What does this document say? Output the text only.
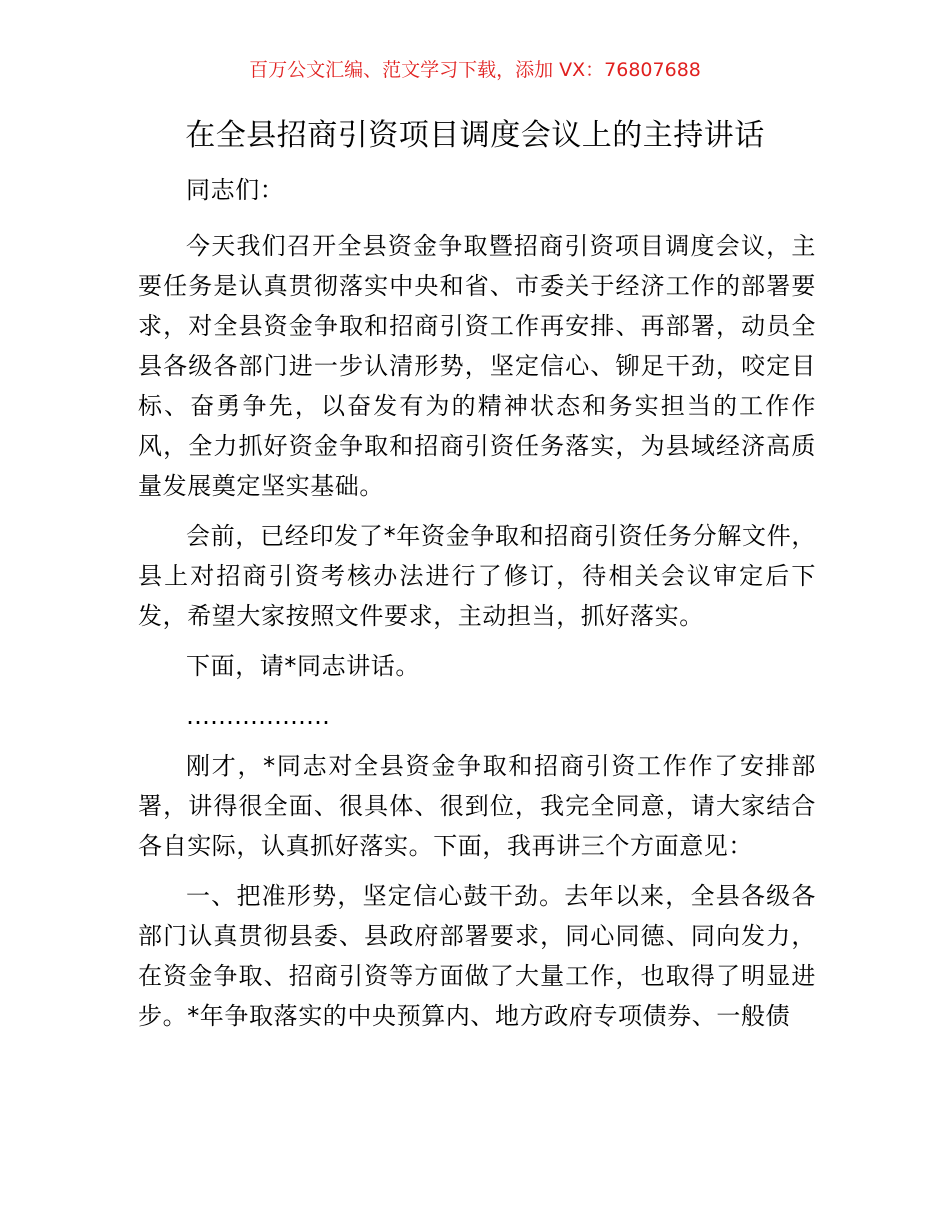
百万公文汇编、范文学习下载，添加 VX：76807688
在全县招商引资项目调度会议上的主持讲话

同志们：

今天我们召开全县资金争取暨招商引资项目调度会议，主要任务是认真贯彻落实中央和省、市委关于经济工作的部署要求，对全县资金争取和招商引资工作再安排、再部署，动员全县各级各部门进一步认清形势，坚定信心、铆足干劲，咬定目标、奋勇争先，以奋发有为的精神状态和务实担当的工作作风，全力抓好资金争取和招商引资任务落实，为县域经济高质量发展奠定坚实基础。

会前，已经印发了*年资金争取和招商引资任务分解文件，县上对招商引资考核办法进行了修订，待相关会议审定后下发，希望大家按照文件要求，主动担当，抓好落实。

下面，请*同志讲话。

………………

刚才，*同志对全县资金争取和招商引资工作作了安排部署，讲得很全面、很具体、很到位，我完全同意，请大家结合各自实际，认真抓好落实。下面，我再讲三个方面意见：

一、把准形势，坚定信心鼓干劲。去年以来，全县各级各部门认真贯彻县委、县政府部署要求，同心同德、同向发力，在资金争取、招商引资等方面做了大量工作，也取得了明显进步。*年争取落实的中央预算内、地方政府专项债券、一般债
